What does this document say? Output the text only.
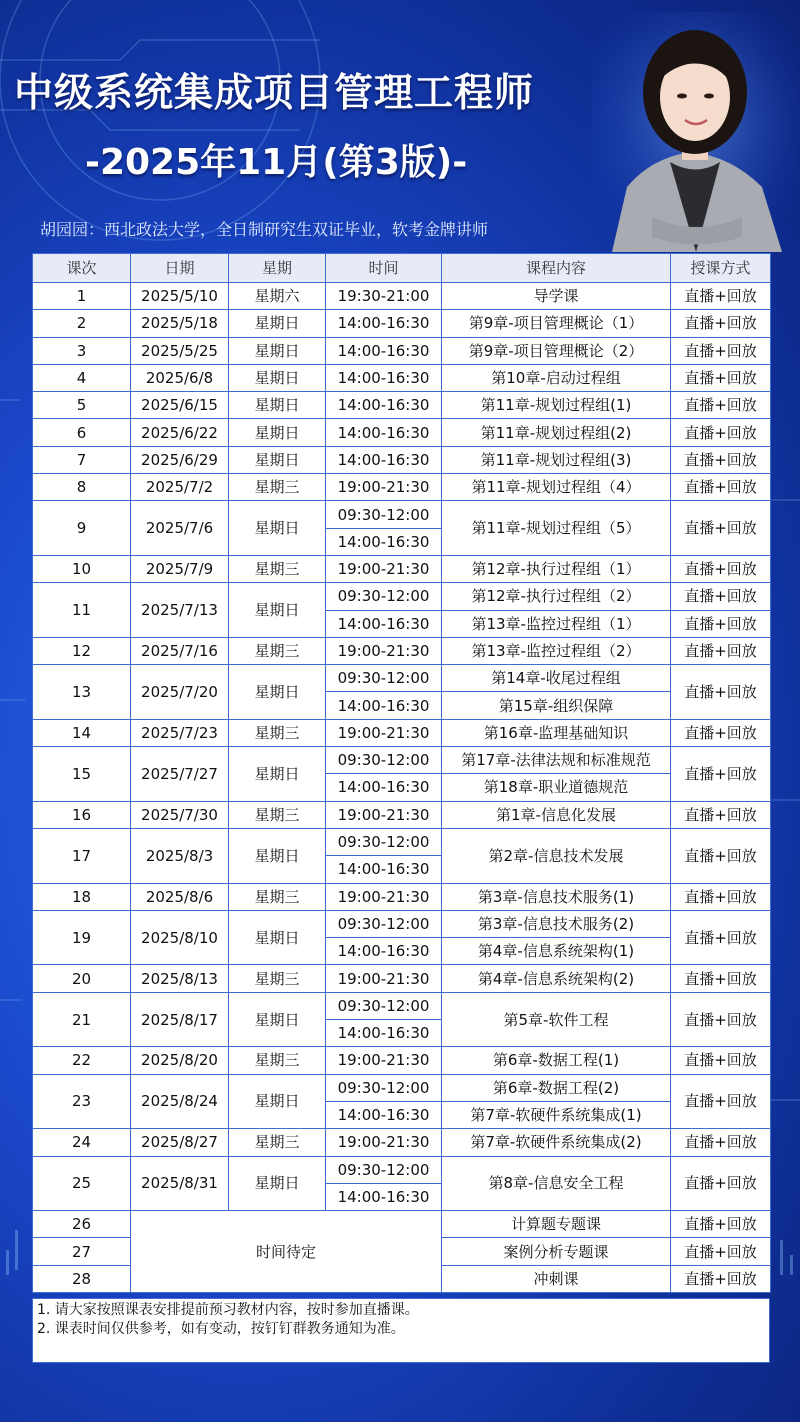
中级系统集成项目管理工程师
-2025年11月(第3版)-
胡园园：西北政法大学，全日制研究生双证毕业，软考金牌讲师
课次	日期	星期	时间	课程内容	授课方式
1	2025/5/10	星期六	19:30-21:00	导学课	直播+回放
2	2025/5/18	星期日	14:00-16:30	第9章-项目管理概论（1）	直播+回放
3	2025/5/25	星期日	14:00-16:30	第9章-项目管理概论（2）	直播+回放
4	2025/6/8	星期日	14:00-16:30	第10章-启动过程组	直播+回放
5	2025/6/15	星期日	14:00-16:30	第11章-规划过程组(1)	直播+回放
6	2025/6/22	星期日	14:00-16:30	第11章-规划过程组(2)	直播+回放
7	2025/6/29	星期日	14:00-16:30	第11章-规划过程组(3)	直播+回放
8	2025/7/2	星期三	19:00-21:30	第11章-规划过程组（4）	直播+回放
9	2025/7/6	星期日	09:30-12:00	第11章-规划过程组（5）	直播+回放
			14:00-16:30		
10	2025/7/9	星期三	19:00-21:30	第12章-执行过程组（1）	直播+回放
11	2025/7/13	星期日	09:30-12:00	第12章-执行过程组（2）	直播+回放
			14:00-16:30	第13章-监控过程组（1）	直播+回放
12	2025/7/16	星期三	19:00-21:30	第13章-监控过程组（2）	直播+回放
13	2025/7/20	星期日	09:30-12:00	第14章-收尾过程组	直播+回放
			14:00-16:30	第15章-组织保障	
14	2025/7/23	星期三	19:00-21:30	第16章-监理基础知识	直播+回放
15	2025/7/27	星期日	09:30-12:00	第17章-法律法规和标准规范	直播+回放
			14:00-16:30	第18章-职业道德规范	
16	2025/7/30	星期三	19:00-21:30	第1章-信息化发展	直播+回放
17	2025/8/3	星期日	09:30-12:00	第2章-信息技术发展	直播+回放
			14:00-16:30		
18	2025/8/6	星期三	19:00-21:30	第3章-信息技术服务(1)	直播+回放
19	2025/8/10	星期日	09:30-12:00	第3章-信息技术服务(2)	直播+回放
			14:00-16:30	第4章-信息系统架构(1)	
20	2025/8/13	星期三	19:00-21:30	第4章-信息系统架构(2)	直播+回放
21	2025/8/17	星期日	09:30-12:00	第5章-软件工程	直播+回放
			14:00-16:30		
22	2025/8/20	星期三	19:00-21:30	第6章-数据工程(1)	直播+回放
23	2025/8/24	星期日	09:30-12:00	第6章-数据工程(2)	直播+回放
			14:00-16:30	第7章-软硬件系统集成(1)	
24	2025/8/27	星期三	19:00-21:30	第7章-软硬件系统集成(2)	直播+回放
25	2025/8/31	星期日	09:30-12:00	第8章-信息安全工程	直播+回放
			14:00-16:30		
26	时间待定			计算题专题课	直播+回放
27				案例分析专题课	直播+回放
28				冲刺课	直播+回放
1. 请大家按照课表安排提前预习教材内容，按时参加直播课。
2. 课表时间仅供参考，如有变动，按钉钉群教务通知为准。
